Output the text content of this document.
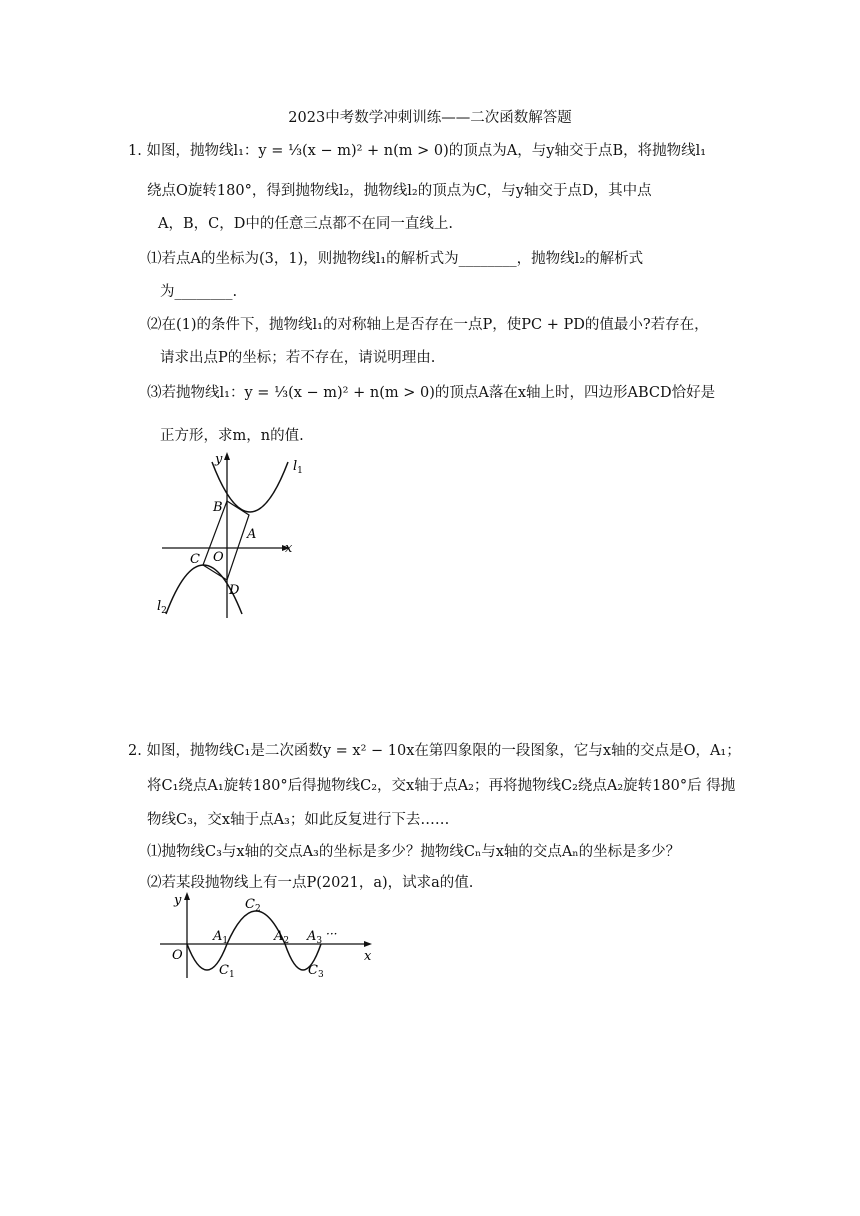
2023中考数学冲刺训练——二次函数解答题
1. 如图，抛物线l₁：y = ⅓(x − m)² + n(m > 0)的顶点为A，与y轴交于点B，将抛物线l₁
绕点O旋转180°，得到抛物线l₂，抛物线l₂的顶点为C，与y轴交于点D，其中点
A，B，C，D中的任意三点都不在同一直线上.
⑴若点A的坐标为(3，1)，则抛物线l₁的解析式为________，抛物线l₂的解析式
为________.
⑵在(1)的条件下，抛物线l₁的对称轴上是否存在一点P，使PC + PD的值最小?若存在，
请求出点P的坐标；若不存在，请说明理由.
⑶若抛物线l₁：y = ⅓(x − m)² + n(m > 0)的顶点A落在x轴上时，四边形ABCD恰好是
正方形，求m，n的值.
y
x
$l_1$
$l_2$
B
A
C O
D
2. 如图，抛物线C₁是二次函数y = x² − 10x在第四象限的一段图象，它与x轴的交点是O，A₁；
将C₁绕点A₁旋转180°后得抛物线C₂，交x轴于点A₂；再将抛物线C₂绕点A₂旋转180°后 得抛
物线C₃，交x轴于点A₃；如此反复进行下去……
⑴抛物线C₃与x轴的交点A₃的坐标是多少？抛物线Cₙ与x轴的交点Aₙ的坐标是多少？
⑵若某段抛物线上有一点P(2021，a)，试求a的值.
y
x
O
$A_1$	$A_2$ $A_3$ ···
$C_1$
$C_2$
$C_3$
